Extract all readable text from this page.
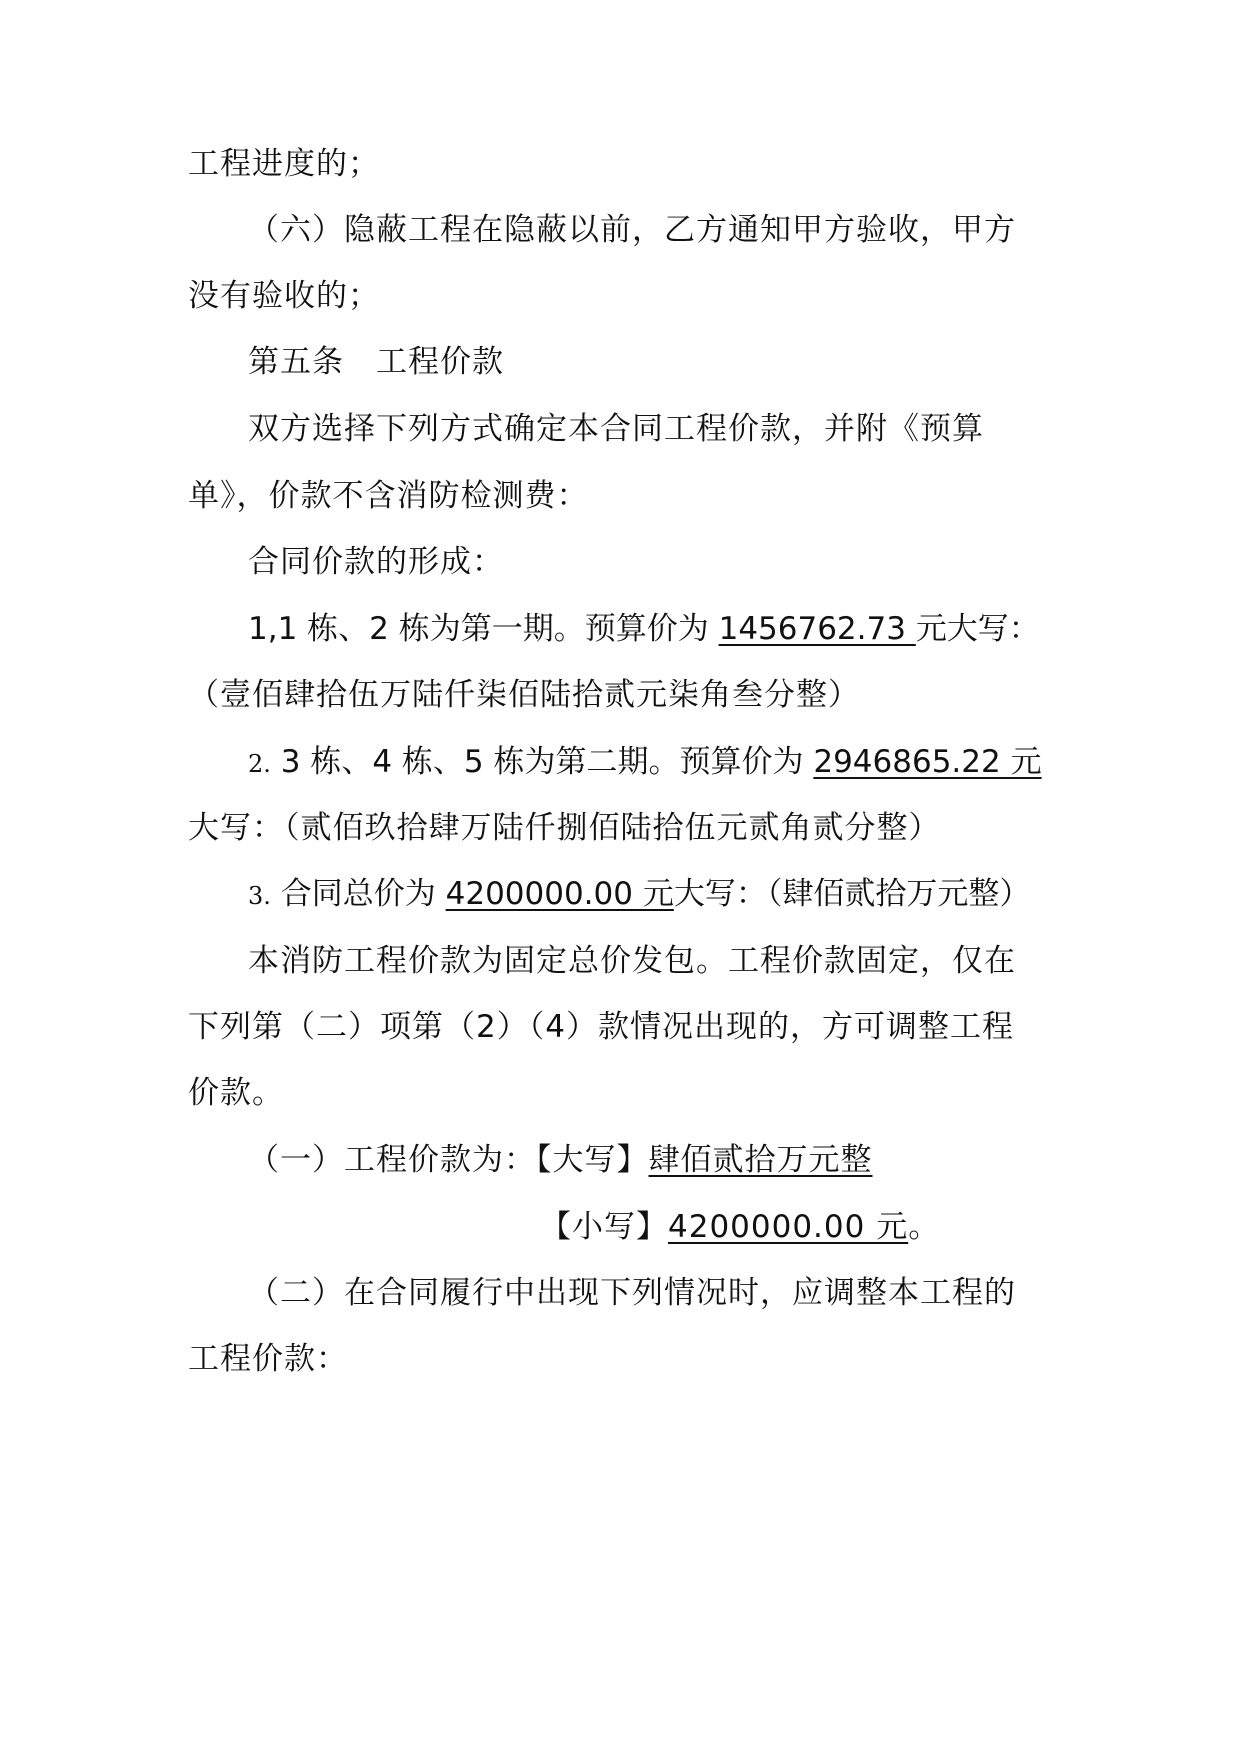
工程进度的；
（六）隐蔽工程在隐蔽以前，乙方通知甲方验收，甲方
没有验收的；
第五条　工程价款
双方选择下列方式确定本合同工程价款，并附《预算
单》，价款不含消防检测费：
合同价款的形成：
1,1 栋、2 栋为第一期。预算价为 1456762.73 元大写：
（壹佰肆拾伍万陆仟柒佰陆拾贰元柒角叁分整）
2. 3 栋、4 栋、5 栋为第二期。预算价为 2946865.22 元
大写：（贰佰玖拾肆万陆仟捌佰陆拾伍元贰角贰分整）
3. 合同总价为 4200000.00 元大写：（肆佰贰拾万元整）
本消防工程价款为固定总价发包。工程价款固定，仅在
下列第（二）项第（2）（4）款情况出现的，方可调整工程
价款。
（一）工程价款为：【大写】肆佰贰拾万元整
【小写】4200000.00 元。
（二）在合同履行中出现下列情况时，应调整本工程的
工程价款：
